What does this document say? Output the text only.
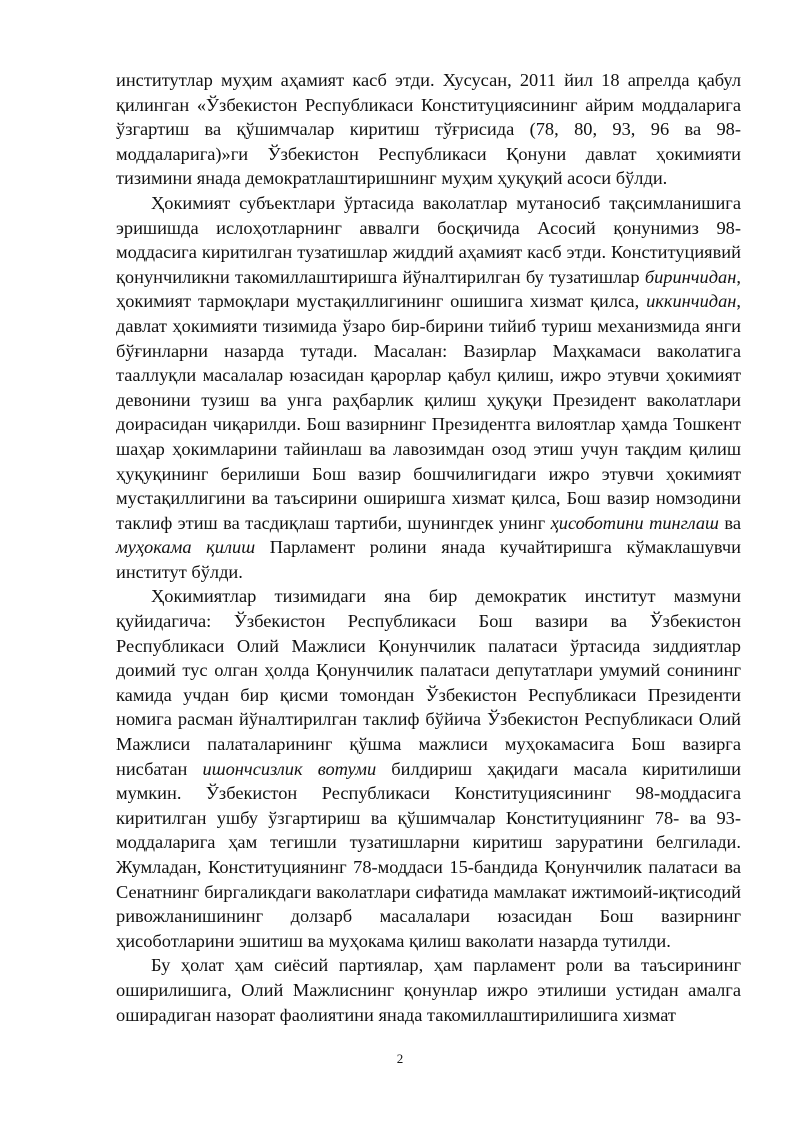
институтлар муҳим аҳамият касб этди. Хусусан, 2011 йил 18 апрелда қабул қилинган «Ўзбекистон Республикаси Конституциясининг айрим моддаларига ўзгартиш ва қўшимчалар киритиш тўғрисида (78, 80, 93, 96 ва 98-моддаларига)»ги Ўзбекистон Республикаси Қонуни давлат ҳокимияти тизимини янада демократлаштиришнинг муҳим ҳуқуқий асоси бўлди.

Ҳокимият субъектлари ўртасида ваколатлар мутаносиб тақсимланишига эришишда ислоҳотларнинг аввалги босқичида Асосий қонунимиз 98-моддасига киритилган тузатишлар жиддий аҳамият касб этди. Конституциявий қонунчиликни такомиллаштиришга йўналтирилган бу тузатишлар биринчидан, ҳокимият тармоқлари мустақиллигининг ошишига хизмат қилса, иккинчидан, давлат ҳокимияти тизимида ўзаро бир-бирини тийиб туриш механизмида янги бўғинларни назарда тутади. Масалан: Вазирлар Маҳкамаси ваколатига тааллуқли масалалар юзасидан қарорлар қабул қилиш, ижро этувчи ҳокимият девонини тузиш ва унга раҳбарлик қилиш ҳуқуқи Президент ваколатлари доирасидан чиқарилди. Бош вазирнинг Президентга вилоятлар ҳамда Тошкент шаҳар ҳокимларини тайинлаш ва лавозимдан озод этиш учун тақдим қилиш ҳуқуқининг берилиши Бош вазир бошчилигидаги ижро этувчи ҳокимият мустақиллигини ва таъсирини оширишга хизмат қилса, Бош вазир номзодини таклиф этиш ва тасдиқлаш тартиби, шунингдек унинг ҳисоботини тинглаш ва муҳокама қилиш Парламент ролини янада кучайтиришга кўмаклашувчи институт бўлди.

Ҳокимиятлар тизимидаги яна бир демократик институт мазмуни қуйидагича: Ўзбекистон Республикаси Бош вазири ва Ўзбекистон Республикаси Олий Мажлиси Қонунчилик палатаси ўртасида зиддиятлар доимий тус олган ҳолда Қонунчилик палатаси депутатлари умумий сонининг камида учдан бир қисми томондан Ўзбекистон Республикаси Президенти номига расман йўналтирилган таклиф бўйича Ўзбекистон Республикаси Олий Мажлиси палаталарининг қўшма мажлиси муҳокамасига Бош вазирга нисбатан ишончсизлик вотуми билдириш ҳақидаги масала киритилиши мумкин. Ўзбекистон Республикаси Конституциясининг 98-моддасига киритилган ушбу ўзгартириш ва қўшимчалар Конституциянинг 78- ва 93-моддаларига ҳам тегишли тузатишларни киритиш заруратини белгилади. Жумладан, Конституциянинг 78-моддаси 15-бандида Қонунчилик палатаси ва Сенатнинг биргаликдаги ваколатлари сифатида мамлакат ижтимоий-иқтисодий ривожланишининг долзарб масалалари юзасидан Бош вазирнинг ҳисоботларини эшитиш ва муҳокама қилиш ваколати назарда тутилди.

Бу ҳолат ҳам сиёсий партиялар, ҳам парламент роли ва таъсирининг оширилишига, Олий Мажлиснинг қонунлар ижро этилиши устидан амалга оширадиган назорат фаолиятини янада такомиллаштирилишига хизмат

2
